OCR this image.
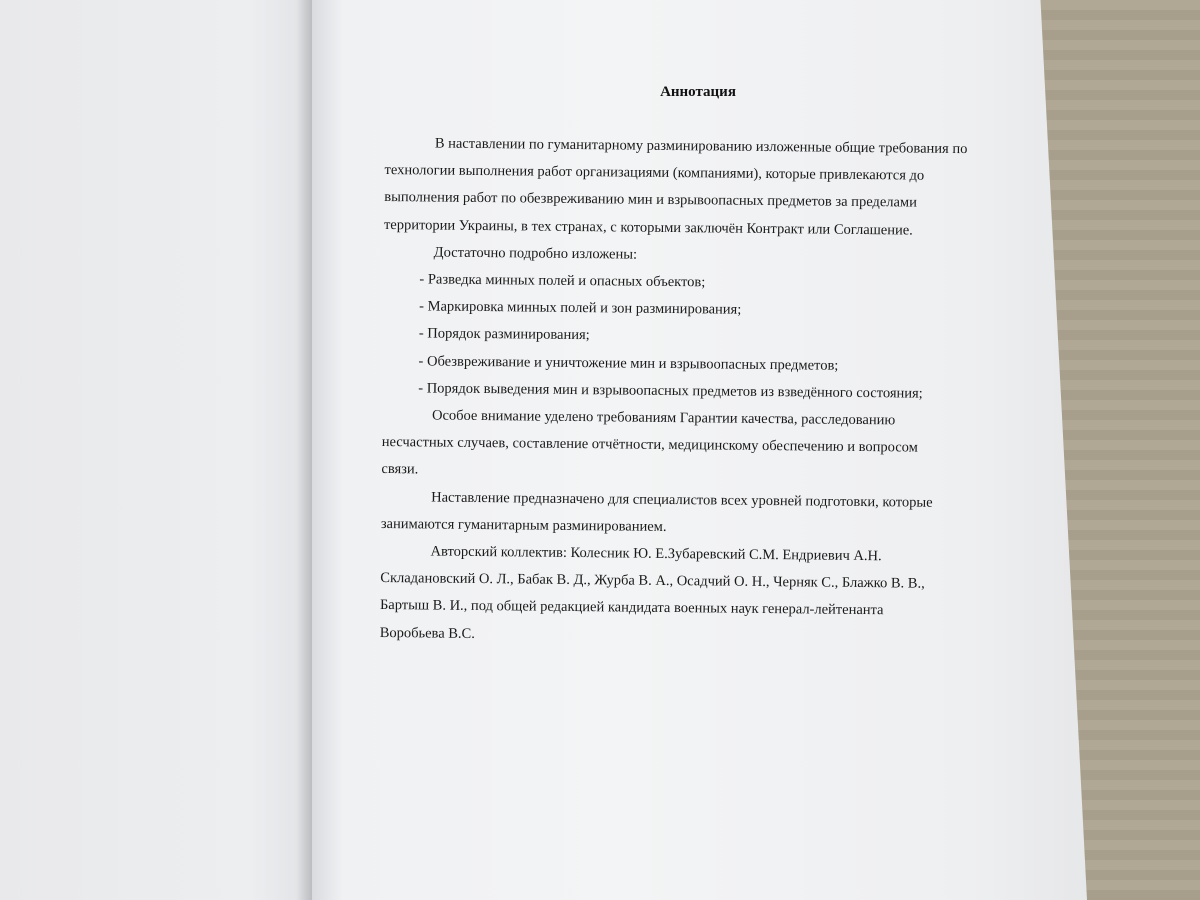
Аннотация
В наставлении по гуманитарному разминированию изложенные общие требования по
технологии выполнения работ организациями (компаниями), которые привлекаются до
выполнения работ по обезвреживанию мин и взрывоопасных предметов за пределами
территории Украины, в тех странах, с которыми заключён Контракт или Соглашение.
Достаточно подробно изложены:
- Разведка минных полей и опасных объектов;
- Маркировка минных полей и зон разминирования;
- Порядок разминирования;
- Обезвреживание и уничтожение мин и взрывоопасных предметов;
- Порядок выведения мин и взрывоопасных предметов из взведённого состояния;
Особое внимание уделено требованиям Гарантии качества, расследованию
несчастных случаев, составление отчётности, медицинскому обеспечению и вопросом
связи.
Наставление предназначено для специалистов всех уровней подготовки, которые
занимаются гуманитарным разминированием.
Авторский коллектив: Колесник Ю. Е.Зубаревский С.М. Ендриевич А.Н.
Складановский О. Л., Бабак В. Д., Журба В. А., Осадчий О. Н., Черняк С., Блажко В. В.,
Бартыш В. И., под общей редакцией кандидата военных наук генерал-лейтенанта
Воробьева В.С.
